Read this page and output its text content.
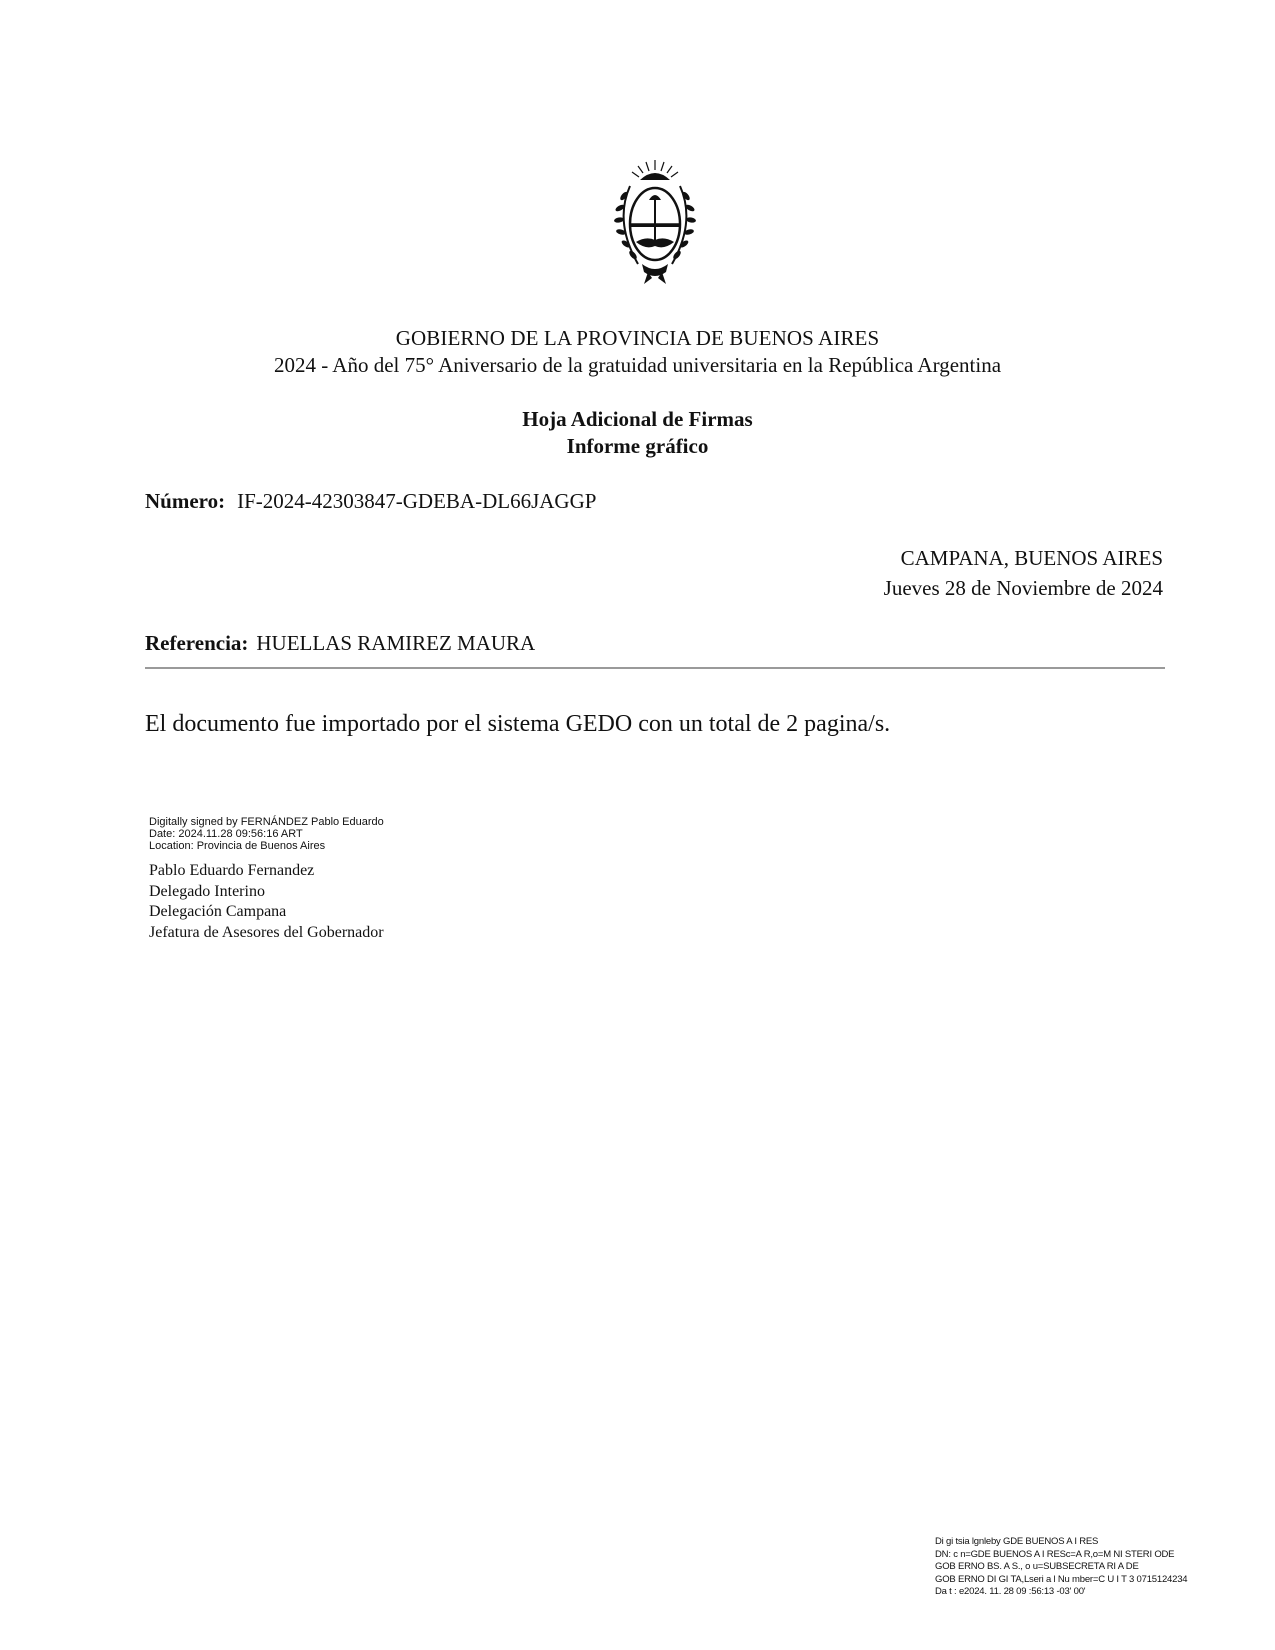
GOBIERNO DE LA PROVINCIA DE BUENOS AIRES
2024 - Año del 75° Aniversario de la gratuidad universitaria en la República Argentina
Hoja Adicional de Firmas
Informe gráfico
Número: IF-2024-42303847-GDEBA-DL66JAGGP
CAMPANA, BUENOS AIRES
Jueves 28 de Noviembre de 2024
Referencia: HUELLAS RAMIREZ MAURA
El documento fue importado por el sistema GEDO con un total de 2 pagina/s.
Digitally signed by FERNÁNDEZ Pablo Eduardo
Date: 2024.11.28 09:56:16 ART
Location: Provincia de Buenos Aires
Pablo Eduardo Fernandez
Delegado Interino
Delegación Campana
Jefatura de Asesores del Gobernador
Di gi tsia lgnleby GDE BUENOS A I RES
DN: c n=GDE BUENOS A I RESc=A R,o=M NI STERI ODE
GOB ERNO BS. A S., o u=SUBSECRETA RI A DE
GOB ERNO DI GI TA,Lseri a l Nu mber=C U I T 3 0715124234
Da t : e2024. 11. 28 09 :56:13 -03' 00'
